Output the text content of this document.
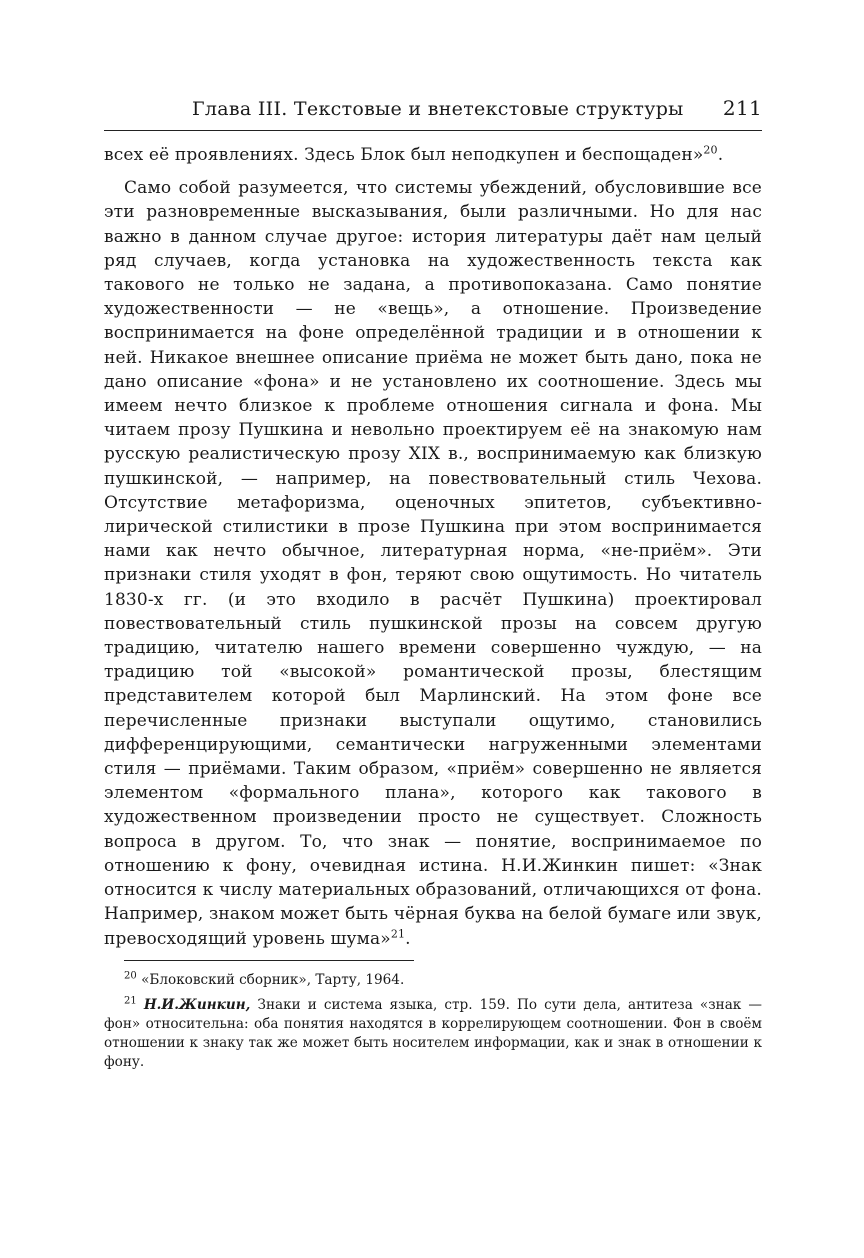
Глава III. Текстовые и внетекстовые структуры 211

всех её проявлениях. Здесь Блок был неподкупен и беспощаден»$^{20}$.

Само собой разумеется, что системы убеждений, обусловившие все эти разновременные высказывания, были различными. Но для нас важно в данном случае другое: история литературы даёт нам целый ряд случаев, когда установка на художественность текста как такового не только не задана, а противопоказана. Само понятие художественности — не «вещь», а отношение. Произведение воспринимается на фоне определённой традиции и в отношении к ней. Никакое внешнее описание приёма не может быть дано, пока не дано описание «фона» и не установлено их соотношение. Здесь мы имеем нечто близкое к проблеме отношения сигнала и фона. Мы читаем прозу Пушкина и невольно проектируем её на знакомую нам русскую реалистическую прозу XIX в., воспринимаемую как близкую пушкинской, — например, на повествовательный стиль Чехова. Отсутствие метафоризма, оценочных эпитетов, субъективно-лирической стилистики в прозе Пушкина при этом воспринимается нами как нечто обычное, литературная норма, «не-приём». Эти признаки стиля уходят в фон, теряют свою ощутимость. Но читатель 1830-х гг. (и это входило в расчёт Пушкина) проектировал повествовательный стиль пушкинской прозы на совсем другую традицию, читателю нашего времени совершенно чуждую, — на традицию той «высокой» романтической прозы, блестящим представителем которой был Марлинский. На этом фоне все перечисленные признаки выступали ощутимо, становились дифференцирующими, семантически нагруженными элементами стиля — приёмами. Таким образом, «приём» совершенно не является элементом «формального плана», которого как такового в художественном произведении просто не существует. Сложность вопроса в другом. То, что знак — понятие, воспринимаемое по отношению к фону, очевидная истина. Н.И.Жинкин пишет: «Знак относится к числу материальных образований, отличающихся от фона. Например, знаком может быть чёрная буква на белой бумаге или звук, превосходящий уровень шума»$^{21}$.

$^{20}$ «Блоковский сборник», Тарту, 1964.

$^{21}$ Н.И.Жинкин, Знаки и система языка, стр. 159. По сути дела, антитеза «знак — фон» относительна: оба понятия находятся в коррелирующем соотношении. Фон в своём отношении к знаку так же может быть носителем информации, как и знак в отношении к фону.
